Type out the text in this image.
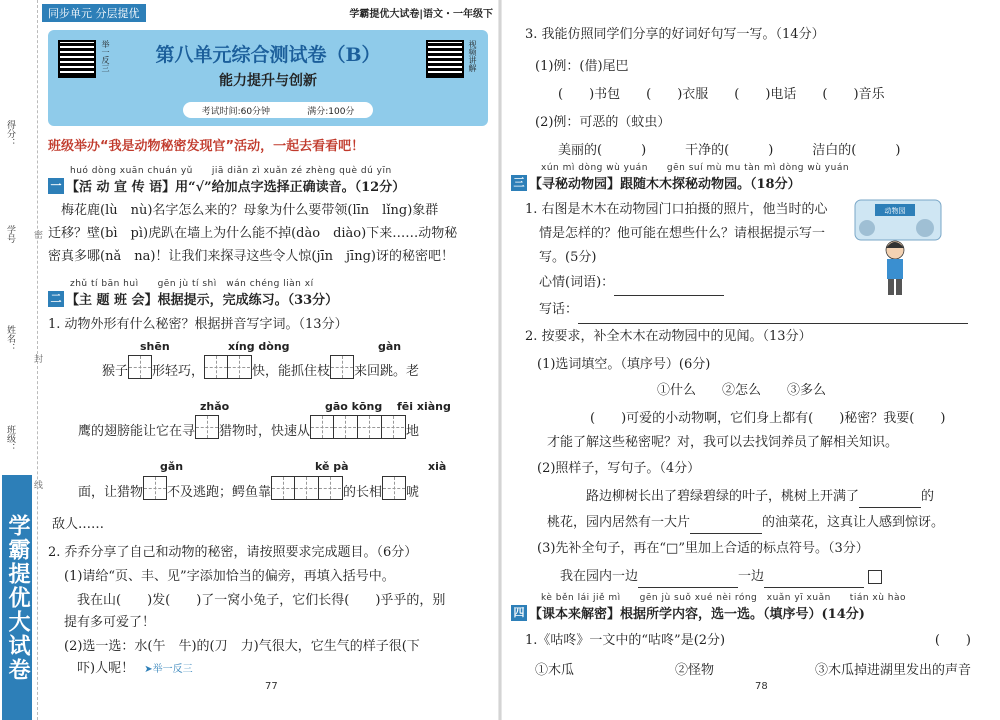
得分：
学号
姓名：
班级：
密
封
线
学霸提优大试卷
同步单元 分层提优	学霸提优大试卷|语文・一年级下
举一反三	视频讲解
第八单元综合测试卷（B）
能力提升与创新
考试时间:60分钟	满分:100分
班级举办“我是动物秘密发现官”活动，一起去看看吧！
huó dòng xuān chuán yǔ　　jiā diǎn zì xuǎn zé zhèng què dú yīn
一 【活 动 宣 传 语】用“√”给加点字选择正确读音。（12分）
　梅花鹿(lù　nù)名字怎么来的？母象为什么要带领(līn　lǐng)象群
迁移？壁(bì　pì)虎趴在墙上为什么能不掉(dào　diào)下来……动物秘
密真多哪(nǎ　na)！让我们来探寻这些令人惊(jīn　jīng)讶的秘密吧！
zhǔ tí bān huì　　gēn jù tí shì　wán chéng liàn xí
二 【主 题 班 会】根据提示，完成练习。（33分）
1. 动物外形有什么秘密？根据拼音写字词。（13分）
shēn	xíng dòng	gàn
猴子 形轻巧，	快，能抓住枝 来回跳。老
zhǎo	gāo kōng fēi xiàng
鹰的翅膀能让它在寻 猎物时，快速从	地
gǎn	kě pà	xià
面，让猎物 不及逃跑；鳄鱼靠	的长相 唬
敌人……
2. 乔乔分享了自己和动物的秘密，请按照要求完成题目。（6分）
(1)请给“页、丰、见”字添加恰当的偏旁，再填入括号中。
　我在山(　　)发(　　)了一窝小兔子，它们长得(　　)乎乎的，别
提有多可爱了！
(2)选一选：水(午　牛)的(刀　力)气很大，它生气的样子很(下
　吓)人呢！ ➤举一反三
77
3. 我能仿照同学们分享的好词好句写一写。（14分）
(1)例：(借)尾巴
　(　　)书包　　(　　)衣服　　(　　)电话　　(　　)音乐
(2)例：可恶的（蚊虫）
　美丽的(　　　)　　　干净的(　　　)　　　洁白的(　　　)
xún mì dòng wù yuán　　gēn suí mù mu tàn mì dòng wù yuán
三 【寻秘动物园】跟随木木探秘动物园。（18分）
1. 右图是木木在动物园门口拍摄的照片，他当时的心
情是怎样的？他可能在想些什么？请根据提示写一
写。(5分)
心情(词语)：
写话：
动物园
2. 按要求，补全木木在动物园中的见闻。（13分）
(1)选词填空。（填序号）(6分)
①什么　　②怎么　　③多么
　(　　)可爱的小动物啊，它们身上都有(　　)秘密？我要(　　)
才能了解这些秘密呢？对，我可以去找饲养员了解相关知识。
(2)照样子，写句子。（4分）
　路边柳树长出了碧绿碧绿的叶子，桃树上开满了	的
桃花，园内居然有一大片	的油菜花，这真让人感到惊讶。
(3)先补全句子，再在“□”里加上合适的标点符号。（3分）
　我在园内一边	一边
kè běn lái jiě mì　　gēn jù suǒ xué nèi róng　xuǎn yī xuǎn　　tián xù hào
四 【课本来解密】根据所学内容，选一选。（填序号）(14分)
1.《咕咚》一文中的“咕咚”是(2分)	(　　)
①木瓜	②怪物	③木瓜掉进湖里发出的声音
78
